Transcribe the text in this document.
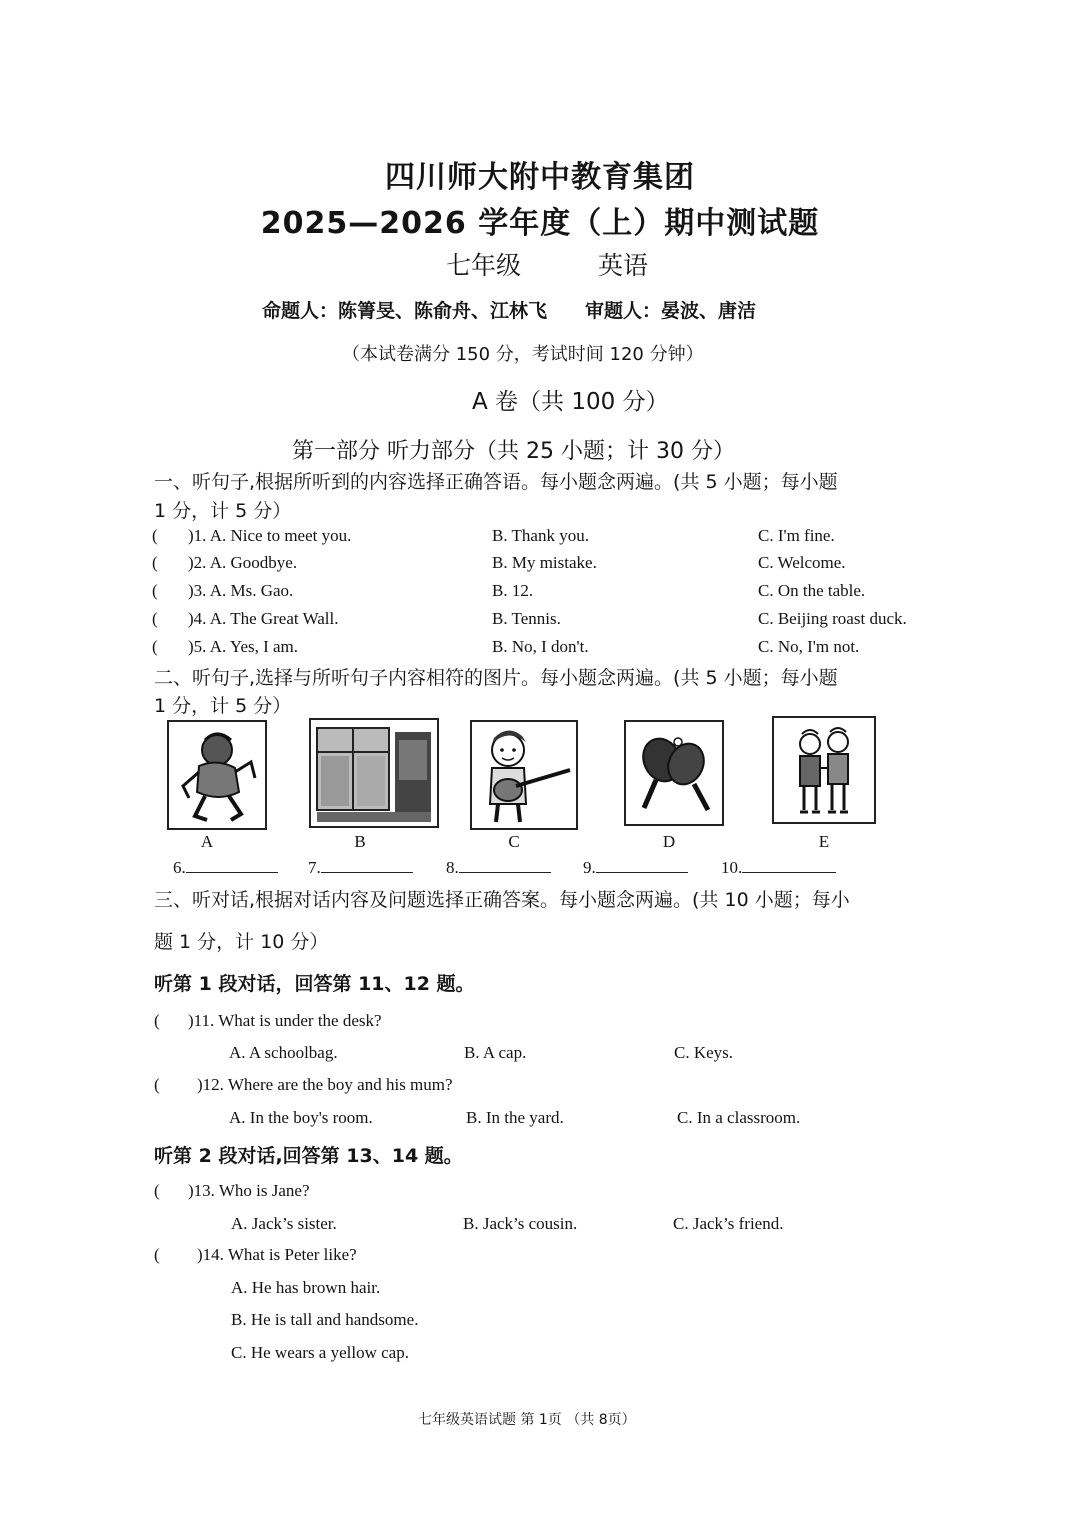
四川师大附中教育集团
2025—2026 学年度（上）期中测试题
七年级	英语
命题人：陈箐旻、陈俞舟、江林飞　　审题人：晏波、唐洁
（本试卷满分 150 分，考试时间 120 分钟）
A 卷（共 100 分）
第一部分 听力部分（共 25 小题；计 30 分）
一、听句子,根据所听到的内容选择正确答语。每小题念两遍。(共 5 小题；每小题
1 分，计 5 分）
( )1. A. Nice to meet you.	B. Thank you.	C. I'm fine.
( )2. A. Goodbye.	B. My mistake.	C. Welcome.
( )3. A. Ms. Gao.	B. 12.	C. On the table.
( )4. A. The Great Wall.	B. Tennis.	C. Beijing roast duck.
( )5. A. Yes, I am.	B. No, I don't.	C. No, I'm not.
二、听句子,选择与所听句子内容相符的图片。每小题念两遍。(共 5 小题；每小题
1 分，计 5 分）
A	B	C	D	E
6.	7.	8.	9.	10.
三、听对话,根据对话内容及问题选择正确答案。每小题念两遍。(共 10 小题；每小
题 1 分，计 10 分）
听第 1 段对话，回答第 11、12 题。
( )11. What is under the desk?
A. A schoolbag.	B. A cap.	C. Keys.
( )12. Where are the boy and his mum?
A. In the boy's room.	B. In the yard.	C. In a classroom.
听第 2 段对话,回答第 13、14 题。
( )13. Who is Jane?
A. Jack’s sister.	B. Jack’s cousin.	C. Jack’s friend.
( )14. What is Peter like?
A. He has brown hair.
B. He is tall and handsome.
C. He wears a yellow cap.
七年级英语试题 第 1页 （共 8页）
